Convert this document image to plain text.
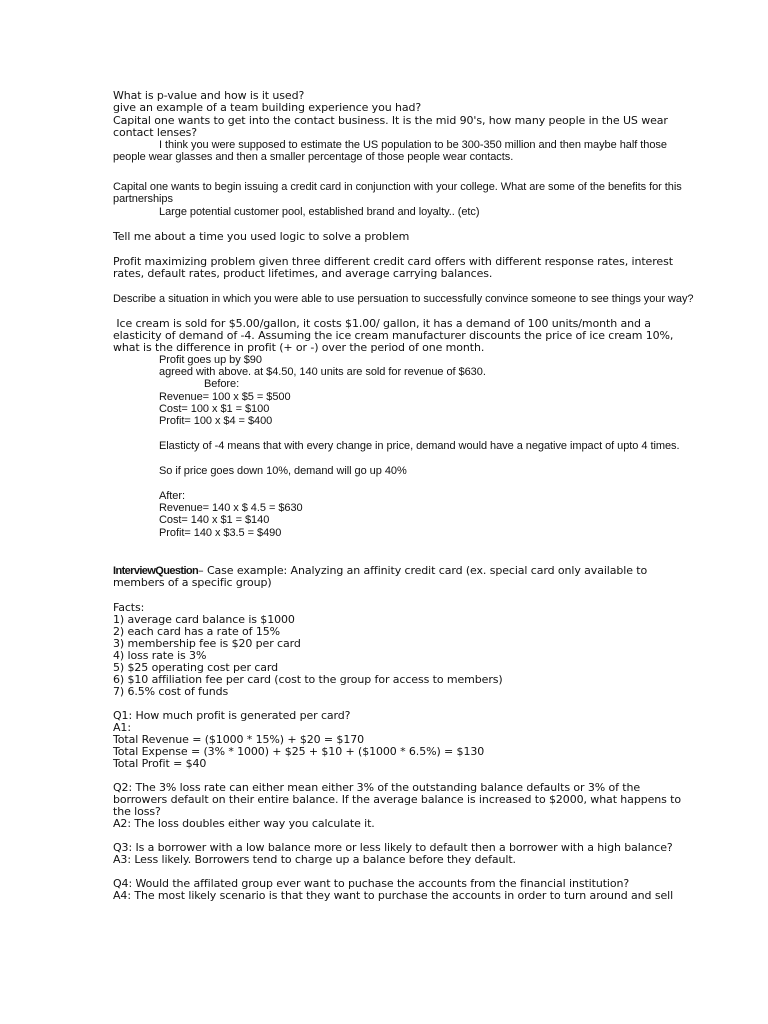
What is p-value and how is it used?

give an example of a team building experience you had?

Capital one wants to get into the contact business. It is the mid 90's, how many people in the US wear

contact lenses?

I think you were supposed to estimate the US population to be 300-350 million and then maybe half those

people wear glasses and then a smaller percentage of those people wear contacts.

Capital one wants to begin issuing a credit card in conjunction with your college. What are some of the benefits for this

partnerships

Large potential customer pool, established brand and loyalty.. (etc)

Tell me about a time you used logic to solve a problem

Profit maximizing problem given three different credit card offers with different response rates, interest

rates, default rates, product lifetimes, and average carrying balances.

Describe a situation in which you were able to use persuation to successfully convince someone to see things your way?

Ice cream is sold for $5.00/gallon, it costs $1.00/ gallon, it has a demand of 100 units/month and a

elasticity of demand of -4. Assuming the ice cream manufacturer discounts the price of ice cream 10%,

what is the difference in profit (+ or -) over the period of one month.

Profit goes up by $90

agreed with above. at $4.50, 140 units are sold for revenue of $630.

Before:

Revenue= 100 x $5 = $500

Cost= 100 x $1 = $100

Profit= 100 x $4 = $400

Elasticty of -4 means that with every change in price, demand would have a negative impact of upto 4 times.

So if price goes down 10%, demand will go up 40%

After:

Revenue= 140 x $ 4.5 = $630

Cost= 140 x $1 = $140

Profit= 140 x $3.5 = $490

InterviewQuestion– Case example: Analyzing an affinity credit card (ex. special card only available to

members of a specific group)

Facts:

1) average card balance is $1000

2) each card has a rate of 15%

3) membership fee is $20 per card

4) loss rate is 3%

5) $25 operating cost per card

6) $10 affiliation fee per card (cost to the group for access to members)

7) 6.5% cost of funds

Q1: How much profit is generated per card?

A1:

Total Revenue = ($1000 * 15%) + $20 = $170

Total Expense = (3% * 1000) + $25 + $10 + ($1000 * 6.5%) = $130

Total Profit = $40

Q2: The 3% loss rate can either mean either 3% of the outstanding balance defaults or 3% of the

borrowers default on their entire balance. If the average balance is increased to $2000, what happens to

the loss?

A2: The loss doubles either way you calculate it.

Q3: Is a borrower with a low balance more or less likely to default then a borrower with a high balance?

A3: Less likely. Borrowers tend to charge up a balance before they default.

Q4: Would the affilated group ever want to puchase the accounts from the financial institution?

A4: The most likely scenario is that they want to purchase the accounts in order to turn around and sell
